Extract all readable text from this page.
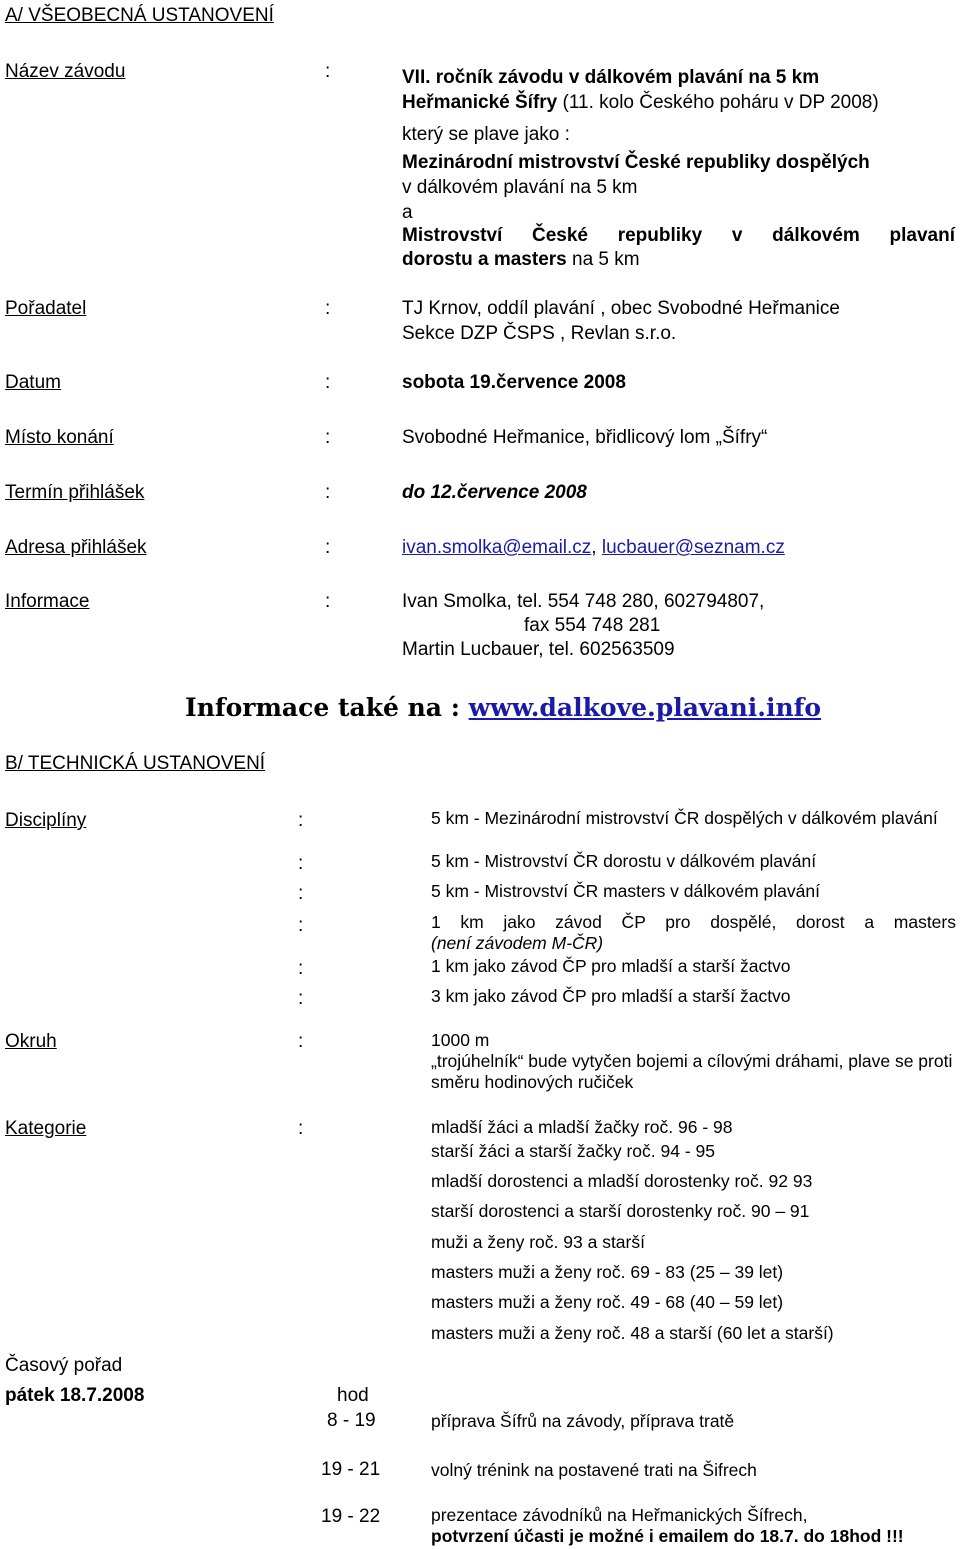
A/ VŠEOBECNÁ USTANOVENÍ
Název závodu	:	VII. ročník závodu v dálkovém plavání na 5 km
Heřmanické Šífry (11. kolo Českého poháru v DP 2008)
který se plave jako :
Mezinárodní mistrovství České republiky dospělých
v dálkovém plavání na 5 km
a
Mistrovství České republiky v dálkovém plavaní
dorostu a masters na 5 km
Pořadatel	:	TJ Krnov, oddíl plavání , obec Svobodné Heřmanice
Sekce DZP ČSPS , Revlan s.r.o.
Datum	:	sobota 19.července 2008
Místo konání	:	Svobodné Heřmanice, břidlicový lom „Šífry“
Termín přihlášek	:	do 12.července 2008
Adresa přihlášek	:	ivan.smolka@email.cz, lucbauer@seznam.cz
Informace	:	Ivan Smolka, tel. 554 748 280, 602794807,
fax 554 748 281
Martin Lucbauer, tel. 602563509
Informace také na : www.dalkove.plavani.info
B/ TECHNICKÁ USTANOVENÍ
Disciplíny	:	5 km - Mezinárodní mistrovství ČR dospělých v dálkovém plavání
:	5 km - Mistrovství ČR dorostu v dálkovém plavání
:	5 km - Mistrovství ČR masters v dálkovém plavání
:	1 km jako závod ČP pro dospělé, dorost a masters
(není závodem M-ČR)
:	1 km jako závod ČP pro mladší a starší žactvo
:	3 km jako závod ČP pro mladší a starší žactvo
Okruh	:	1000 m
„trojúhelník“ bude vytyčen bojemi a cílovými dráhami, plave se proti směru hodinových ručiček
Kategorie	:	mladší žáci a mladší žačky roč. 96 - 98
starší žáci a starší žačky roč. 94 - 95
mladší dorostenci a mladší dorostenky roč. 92 93
starší dorostenci a starší dorostenky roč. 90 – 91
muži a ženy roč. 93 a starší
masters muži a ženy roč. 69 - 83 (25 – 39 let)
masters muži a ženy roč. 49 - 68 (40 – 59 let)
masters muži a ženy roč. 48 a starší (60 let a starší)
Časový pořad
pátek 18.7.2008	hod
8 - 19	příprava Šífrů na závody, příprava tratě
19 - 21	volný trénink na postavené trati na Šifrech
19 - 22	prezentace závodníků na Heřmanických Šífrech,
potvrzení účasti je možné i emailem do 18.7. do 18hod !!!
